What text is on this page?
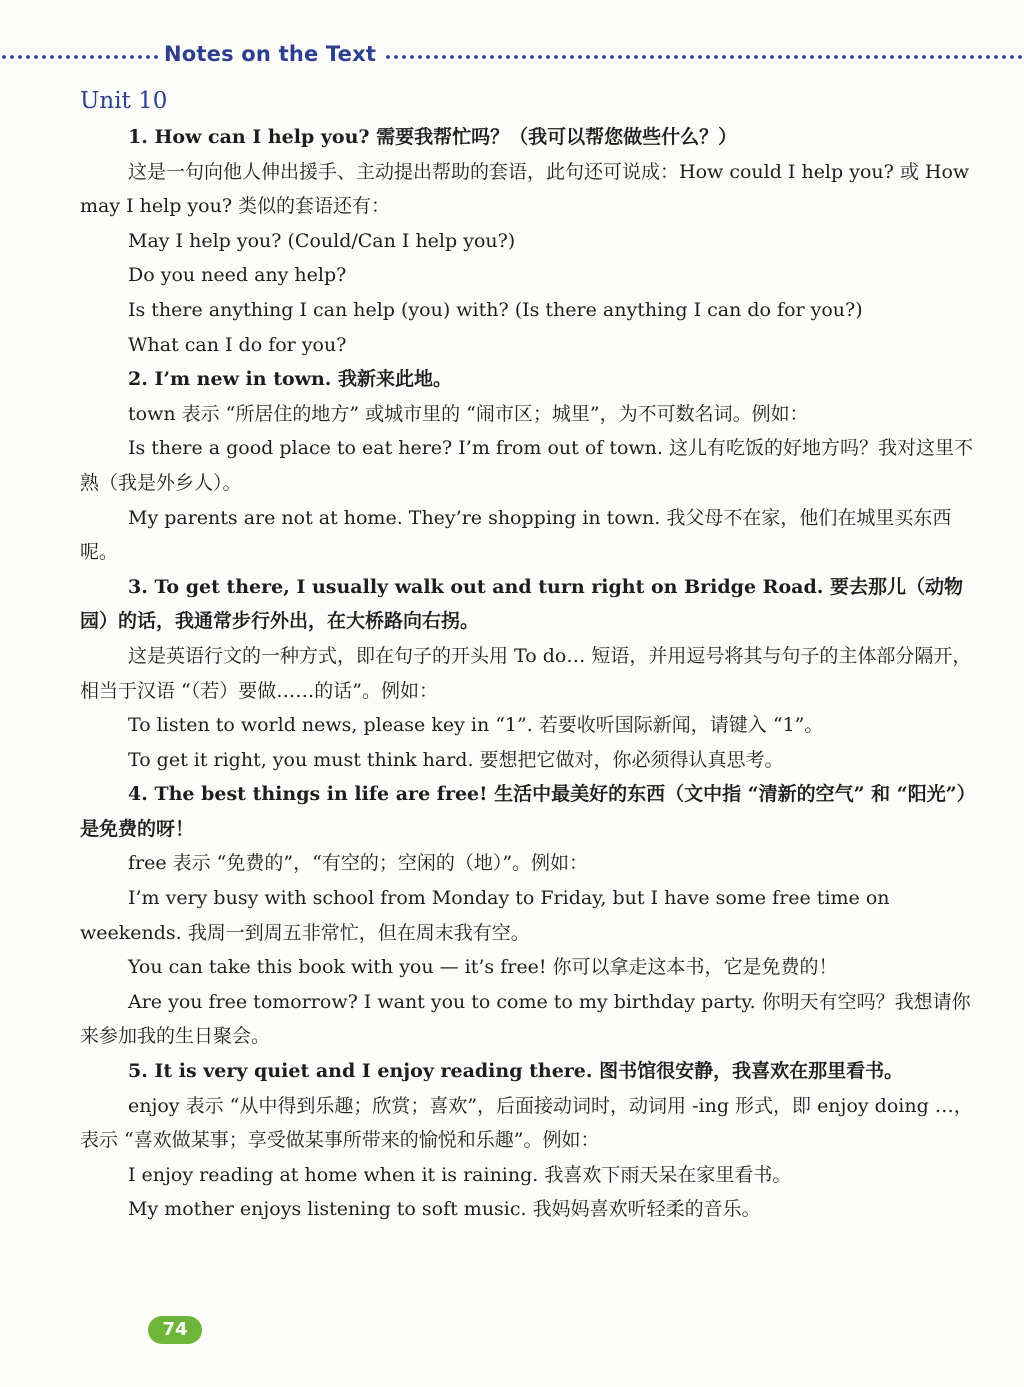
Notes on the Text
Unit 10

1. How can I help you? 需要我帮忙吗？（我可以帮您做些什么？）

这是一句向他人伸出援手、主动提出帮助的套语，此句还可说成：How could I help you? 或 How may I help you? 类似的套语还有：

May I help you? (Could/Can I help you?)

Do you need any help?

Is there anything I can help (you) with? (Is there anything I can do for you?)

What can I do for you?

2. I’m new in town. 我新来此地。

town 表示 “所居住的地方” 或城市里的 “闹市区；城里”，为不可数名词。例如：

Is there a good place to eat here? I’m from out of town. 这儿有吃饭的好地方吗？我对这里不熟（我是外乡人）。

My parents are not at home. They’re shopping in town. 我父母不在家，他们在城里买东西呢。

3. To get there, I usually walk out and turn right on Bridge Road. 要去那儿（动物园）的话，我通常步行外出，在大桥路向右拐。

这是英语行文的一种方式，即在句子的开头用 To do… 短语，并用逗号将其与句子的主体部分隔开，相当于汉语 “（若）要做……的话”。例如：

To listen to world news, please key in “1”. 若要收听国际新闻，请键入 “1”。

To get it right, you must think hard. 要想把它做对，你必须得认真思考。

4. The best things in life are free! 生活中最美好的东西（文中指 “清新的空气” 和 “阳光”）是免费的呀！

free 表示 “免费的”，“有空的；空闲的（地）”。例如：

I’m very busy with school from Monday to Friday, but I have some free time on weekends. 我周一到周五非常忙，但在周末我有空。

You can take this book with you — it’s free! 你可以拿走这本书，它是免费的！

Are you free tomorrow? I want you to come to my birthday party. 你明天有空吗？我想请你来参加我的生日聚会。

5. It is very quiet and I enjoy reading there. 图书馆很安静，我喜欢在那里看书。

enjoy 表示 “从中得到乐趣；欣赏；喜欢”，后面接动词时，动词用 -ing 形式，即 enjoy doing …，表示 “喜欢做某事；享受做某事所带来的愉悦和乐趣”。例如：

I enjoy reading at home when it is raining. 我喜欢下雨天呆在家里看书。

My mother enjoys listening to soft music. 我妈妈喜欢听轻柔的音乐。

74
